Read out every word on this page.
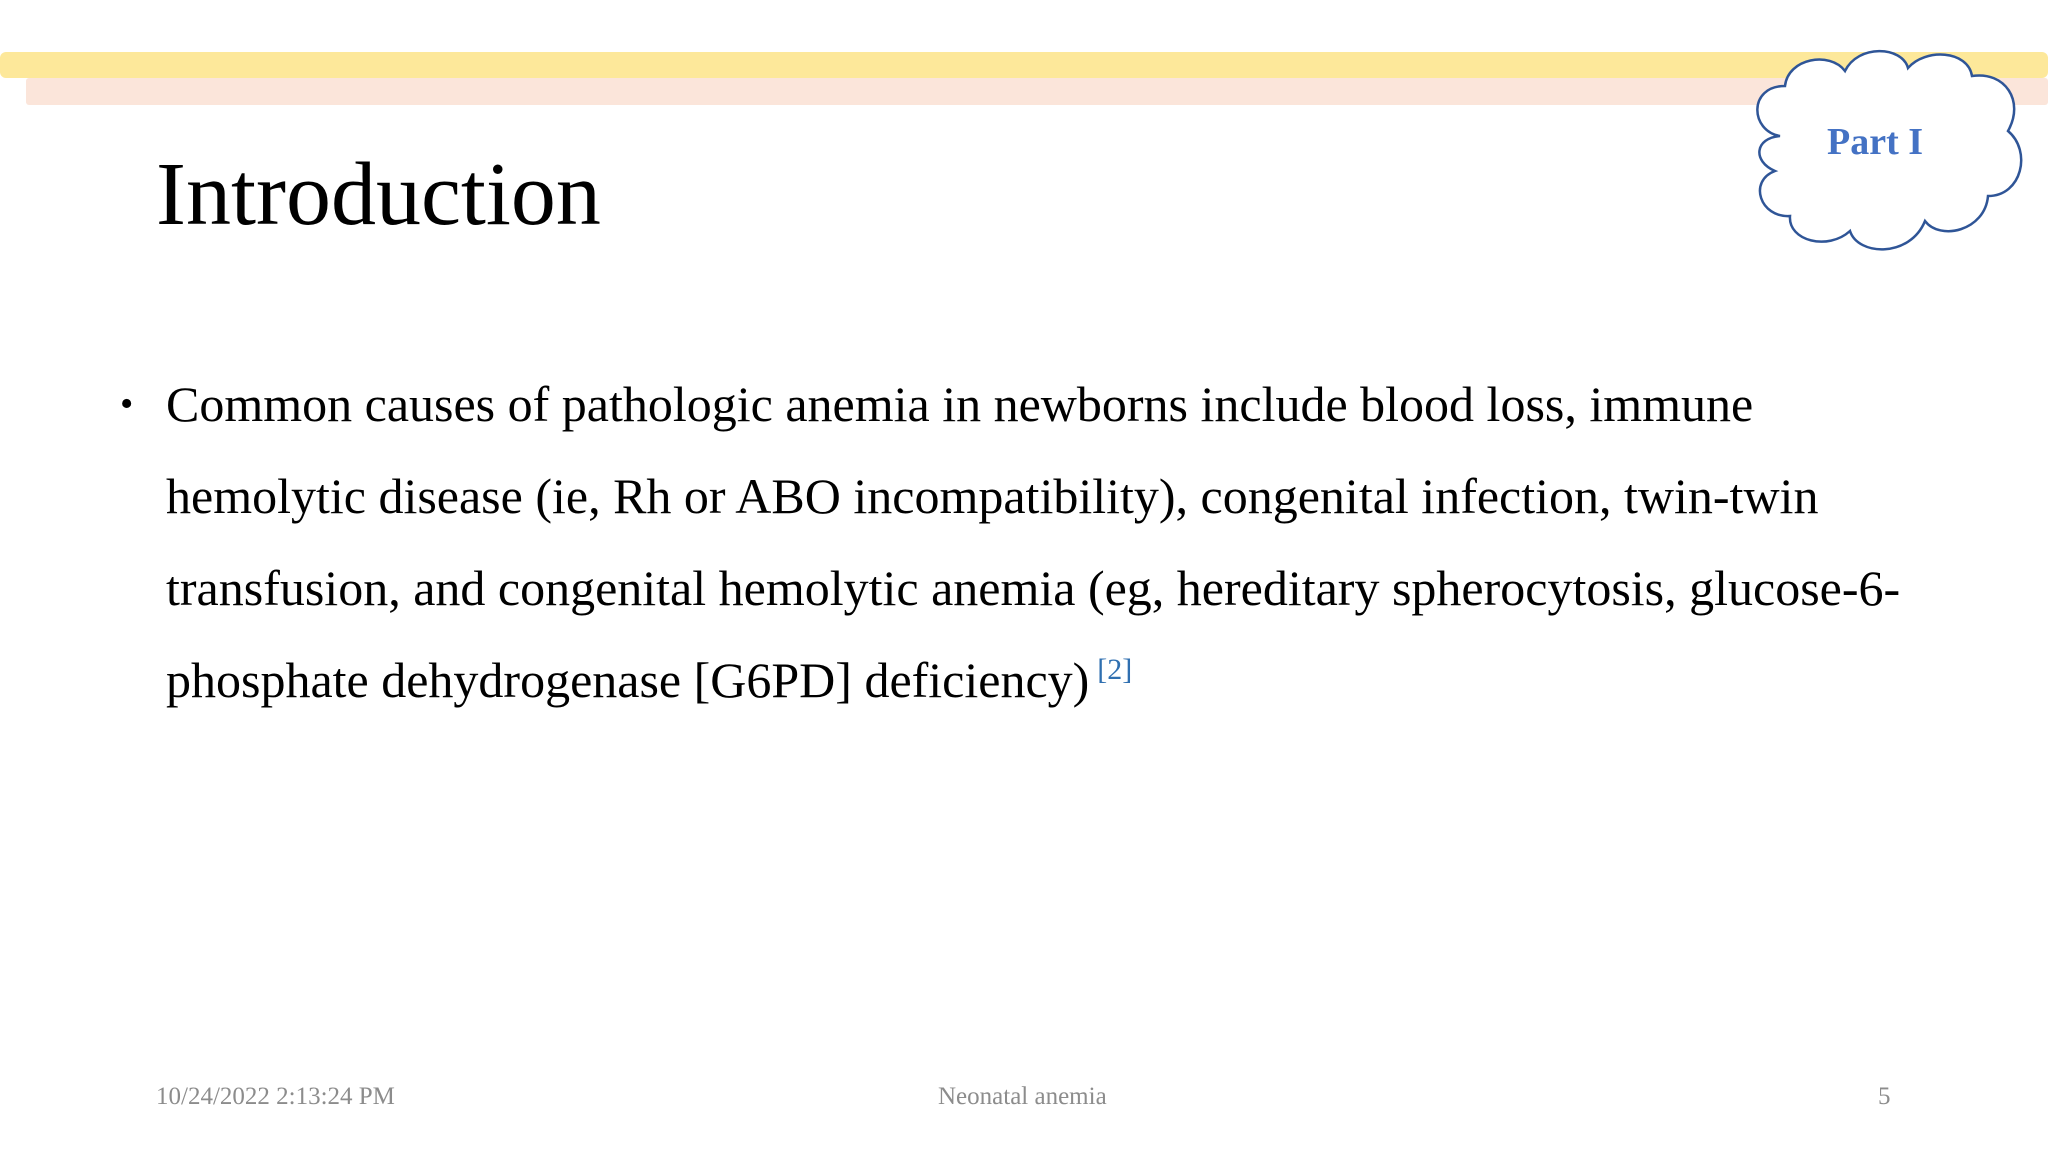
Part I
Introduction
• Common causes of pathologic anemia in newborns include blood loss, immune hemolytic disease (ie, Rh or ABO incompatibility), congenital infection, twin-twin transfusion, and congenital hemolytic anemia (eg, hereditary spherocytosis, glucose-6-phosphate dehydrogenase [G6PD] deficiency) [2]
10/24/2022 2:13:24 PM	Neonatal anemia	5
